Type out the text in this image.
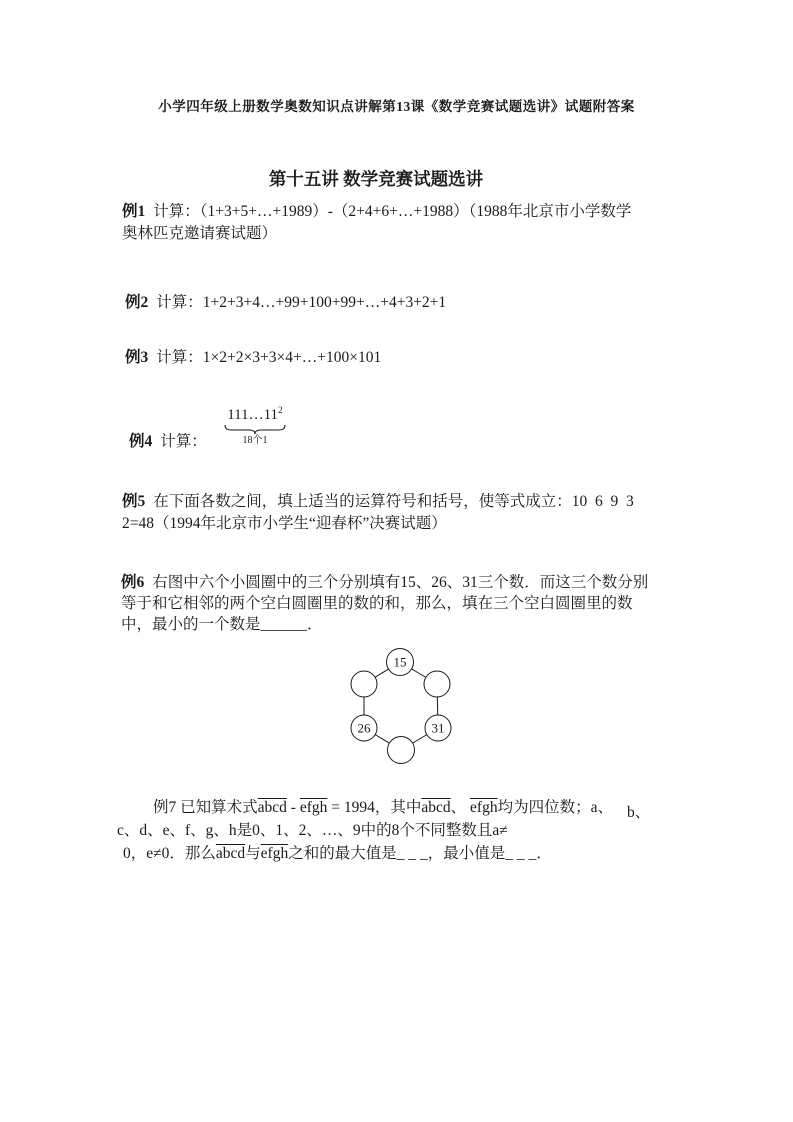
小学四年级上册数学奥数知识点讲解第13课《数学竞赛试题选讲》试题附答案
第十五讲 数学竞赛试题选讲
例1 计算：（1+3+5+…+1989）-（2+4+6+…+1988）（1988年北京市小学数学
奥林匹克邀请赛试题）
例2 计算：1+2+3+4…+99+100+99+…+4+3+2+1
例3 计算：1×2+2×3+3×4+…+100×101
例4 计算：
$111\dots 11^2$
18个1
例5 在下面各数之间，填上适当的运算符号和括号，使等式成立：10  6  9  3
2=48（1994年北京市小学生“迎春杯”决赛试题）
例6 右图中六个小圆圈中的三个分别填有15、26、31三个数．而这三个数分别
等于和它相邻的两个空白圆圈里的数的和，那么，填在三个空白圆圈里的数
中，最小的一个数是______．
15
26	31
例7 已知算术式abcd - efgh = 1994，其中abcd、 efgh均为四位数；a、 b、
c、d、e、f、g、h是0、1、2、…、9中的8个不同整数且a≠
0，e≠0．那么abcd与efgh之和的最大值是_ _ _，最小值是_ _ _．
